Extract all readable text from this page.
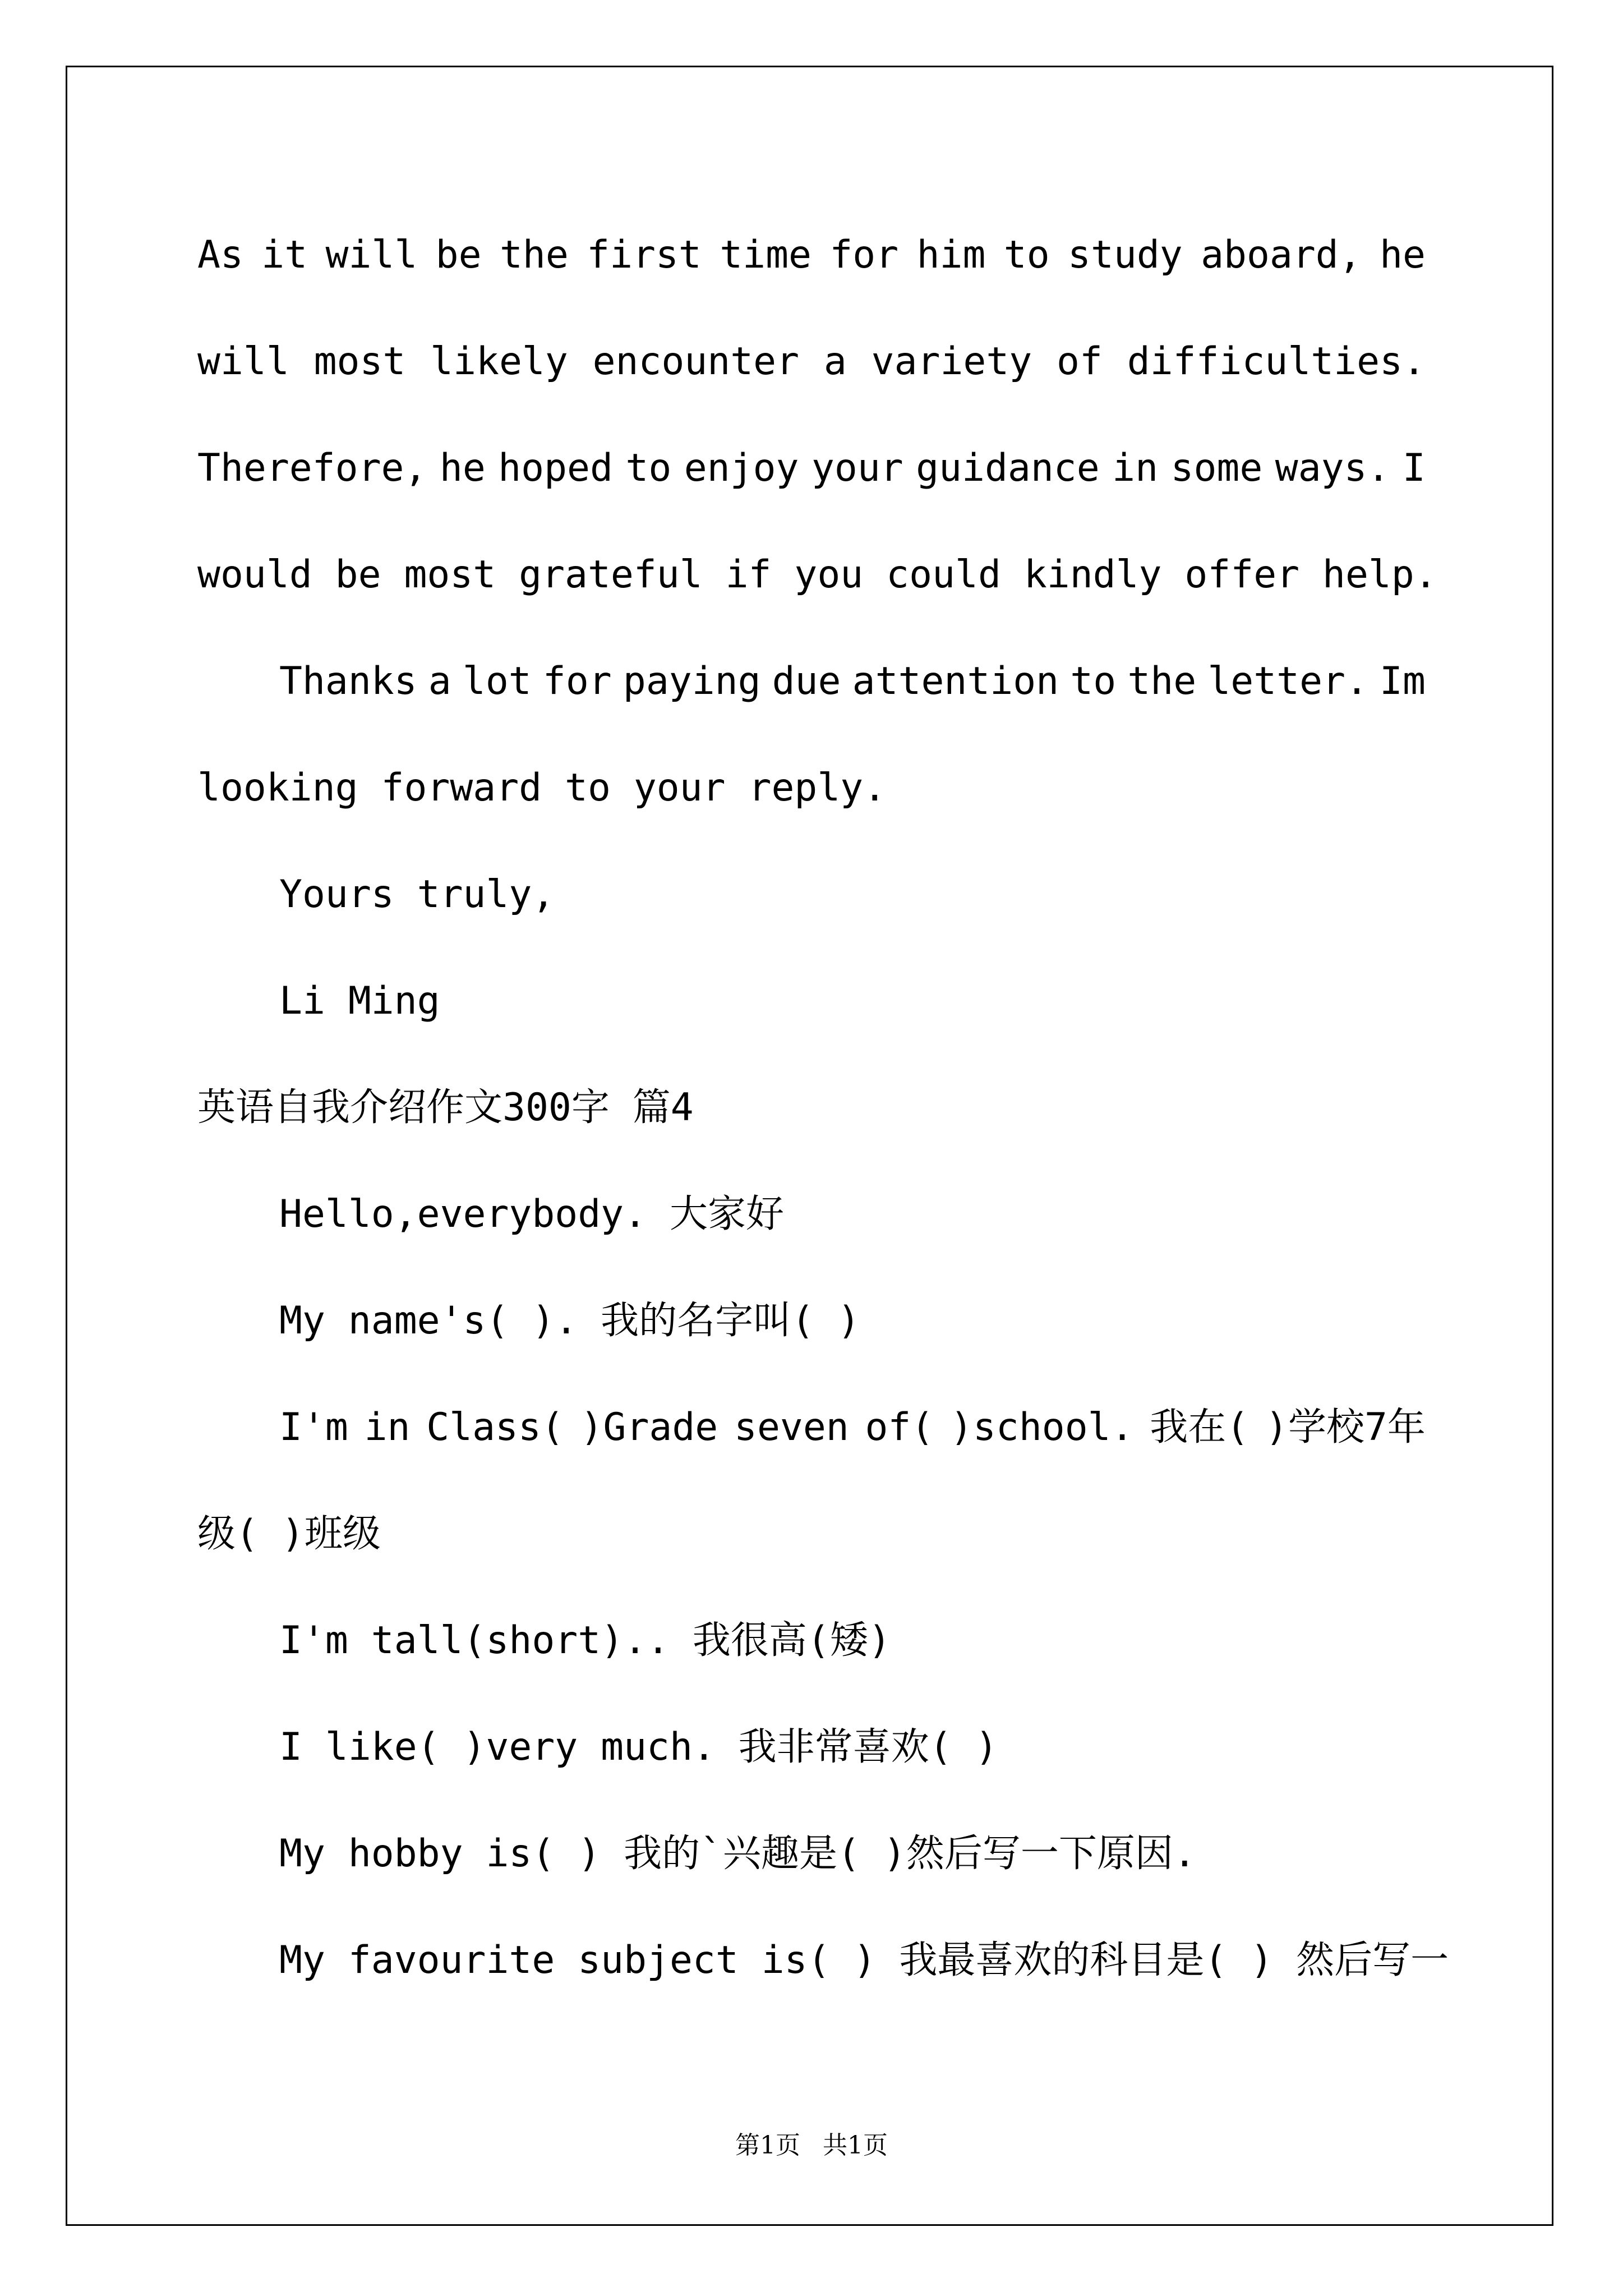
As it will be the first time for him to study aboard, he
will most likely encounter a variety of difficulties.
Therefore, he hoped to enjoy your guidance in some ways. I
would be most grateful if you could kindly offer help.
Thanks a lot for paying due attention to the letter. Im
looking forward to your reply.
Yours truly,
Li Ming
英语自我介绍作文300字 篇4
Hello,everybody. 大家好
My name's( ). 我的名字叫( )
I'm in Class( )Grade seven of( )school. 我在( )学校7年
级( )班级
I'm tall(short).. 我很高(矮)
I like( )very much. 我非常喜欢( )
My hobby is( ) 我的`兴趣是( )然后写一下原因.
My favourite subject is( ) 我最喜欢的科目是( ) 然后写一
第1页 共1页
